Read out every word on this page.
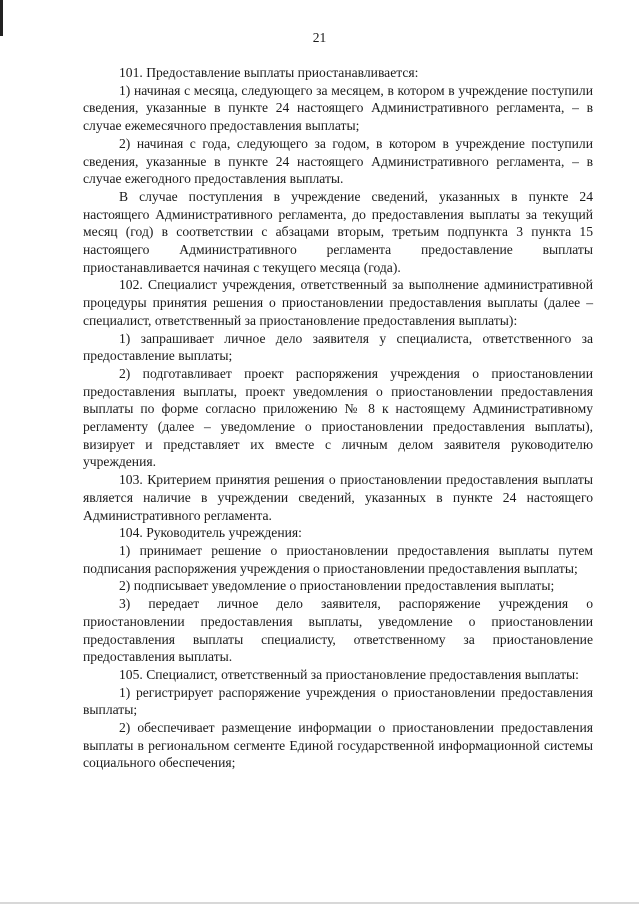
21

101. Предоставление выплаты приостанавливается:

1) начиная с месяца, следующего за месяцем, в котором в учреждение поступили сведения, указанные в пункте 24 настоящего Административного регламента, – в случае ежемесячного предоставления выплаты;

2) начиная с года, следующего за годом, в котором в учреждение поступили сведения, указанные в пункте 24 настоящего Административного регламента, – в случае ежегодного предоставления выплаты.

В случае поступления в учреждение сведений, указанных в пункте 24 настоящего Административного регламента, до предоставления выплаты за текущий месяц (год) в соответствии с абзацами вторым, третьим подпункта 3 пункта 15 настоящего Административного регламента предоставление выплаты приостанавливается начиная с текущего месяца (года).

102. Специалист учреждения, ответственный за выполнение административной процедуры принятия решения о приостановлении предоставления выплаты (далее – специалист, ответственный за приостановление предоставления выплаты):

1) запрашивает личное дело заявителя у специалиста, ответственного за предоставление выплаты;

2) подготавливает проект распоряжения учреждения о приостановлении предоставления выплаты, проект уведомления о приостановлении предоставления выплаты по форме согласно приложению № 8 к настоящему Административному регламенту (далее – уведомление о приостановлении предоставления выплаты), визирует и представляет их вместе с личным делом заявителя руководителю учреждения.

103. Критерием принятия решения о приостановлении предоставления выплаты является наличие в учреждении сведений, указанных в пункте 24 настоящего Административного регламента.

104. Руководитель учреждения:

1) принимает решение о приостановлении предоставления выплаты путем подписания распоряжения учреждения о приостановлении предоставления выплаты;

2) подписывает уведомление о приостановлении предоставления выплаты;

3) передает личное дело заявителя, распоряжение учреждения о приостановлении предоставления выплаты, уведомление о приостановлении предоставления выплаты специалисту, ответственному за приостановление предоставления выплаты.

105. Специалист, ответственный за приостановление предоставления выплаты:

1) регистрирует распоряжение учреждения о приостановлении предоставления выплаты;

2) обеспечивает размещение информации о приостановлении предоставления выплаты в региональном сегменте Единой государственной информационной системы социального обеспечения;
